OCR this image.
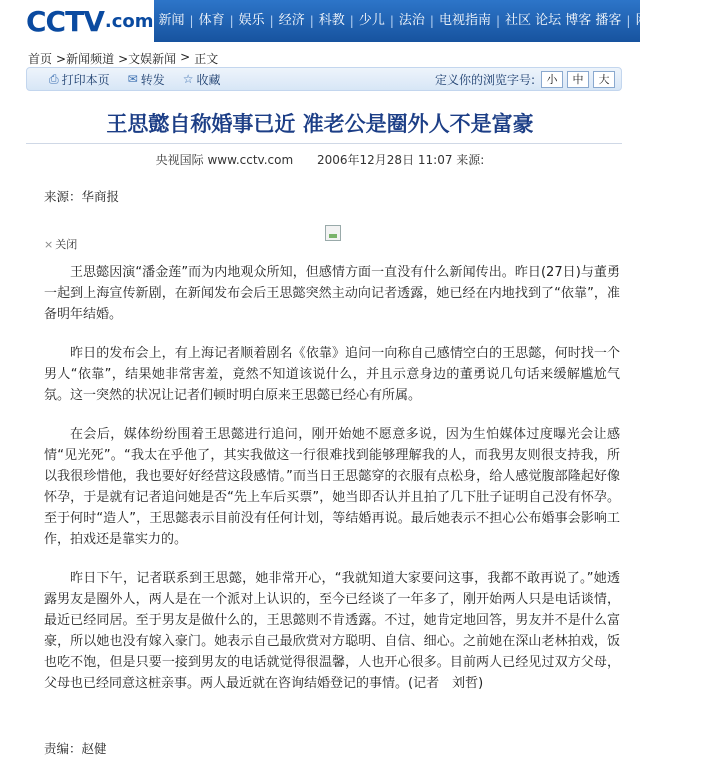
CCTV .com 新闻 | 体育 | 娱乐 | 经济 | 科教 | 少儿 | 法治 | 电视指南 | 社区 论坛 博客 播客 | 网络电视直
首页 >新闻频道 >文娱新闻 > 正文
⎙ 打印本页 ✉ 转发 ☆ 收藏	定义你的浏览字号:	小	中	大
王思懿自称婚事已近 准老公是圈外人不是富豪
央视国际 www.cctv.com 2006年12月28日 11:07 来源:
来源：华商报
× 关闭

王思懿因演“潘金莲”而为内地观众所知，但感情方面一直没有什么新闻传出。昨日(27日)与董勇一起到上海宣传新剧，在新闻发布会后王思懿突然主动向记者透露，她已经在内地找到了“依靠”，准备明年结婚。

昨日的发布会上，有上海记者顺着剧名《依靠》追问一向称自己感情空白的王思懿，何时找一个男人“依靠”，结果她非常害羞，竟然不知道该说什么，并且示意身边的董勇说几句话来缓解尴尬气氛。这一突然的状况让记者们顿时明白原来王思懿已经心有所属。

在会后，媒体纷纷围着王思懿进行追问，刚开始她不愿意多说，因为生怕媒体过度曝光会让感情“见光死”。“我太在乎他了，其实我做这一行很难找到能够理解我的人，而我男友则很支持我，所以我很珍惜他，我也要好好经营这段感情。”而当日王思懿穿的衣服有点松身，给人感觉腹部隆起好像怀孕，于是就有记者追问她是否“先上车后买票”，她当即否认并且拍了几下肚子证明自己没有怀孕。至于何时“造人”，王思懿表示目前没有任何计划，等结婚再说。最后她表示不担心公布婚事会影响工作，拍戏还是靠实力的。

昨日下午，记者联系到王思懿，她非常开心，“我就知道大家要问这事，我都不敢再说了。”她透露男友是圈外人，两人是在一个派对上认识的，至今已经谈了一年多了，刚开始两人只是电话谈情，最近已经同居。至于男友是做什么的，王思懿则不肯透露。不过，她肯定地回答，男友并不是什么富豪，所以她也没有嫁入豪门。她表示自己最欣赏对方聪明、自信、细心。之前她在深山老林拍戏，饭也吃不饱，但是只要一接到男友的电话就觉得很温馨，人也开心很多。目前两人已经见过双方父母，父母也已经同意这桩亲事。两人最近就在咨询结婚登记的事情。(记者　刘哲)

责编：赵健
